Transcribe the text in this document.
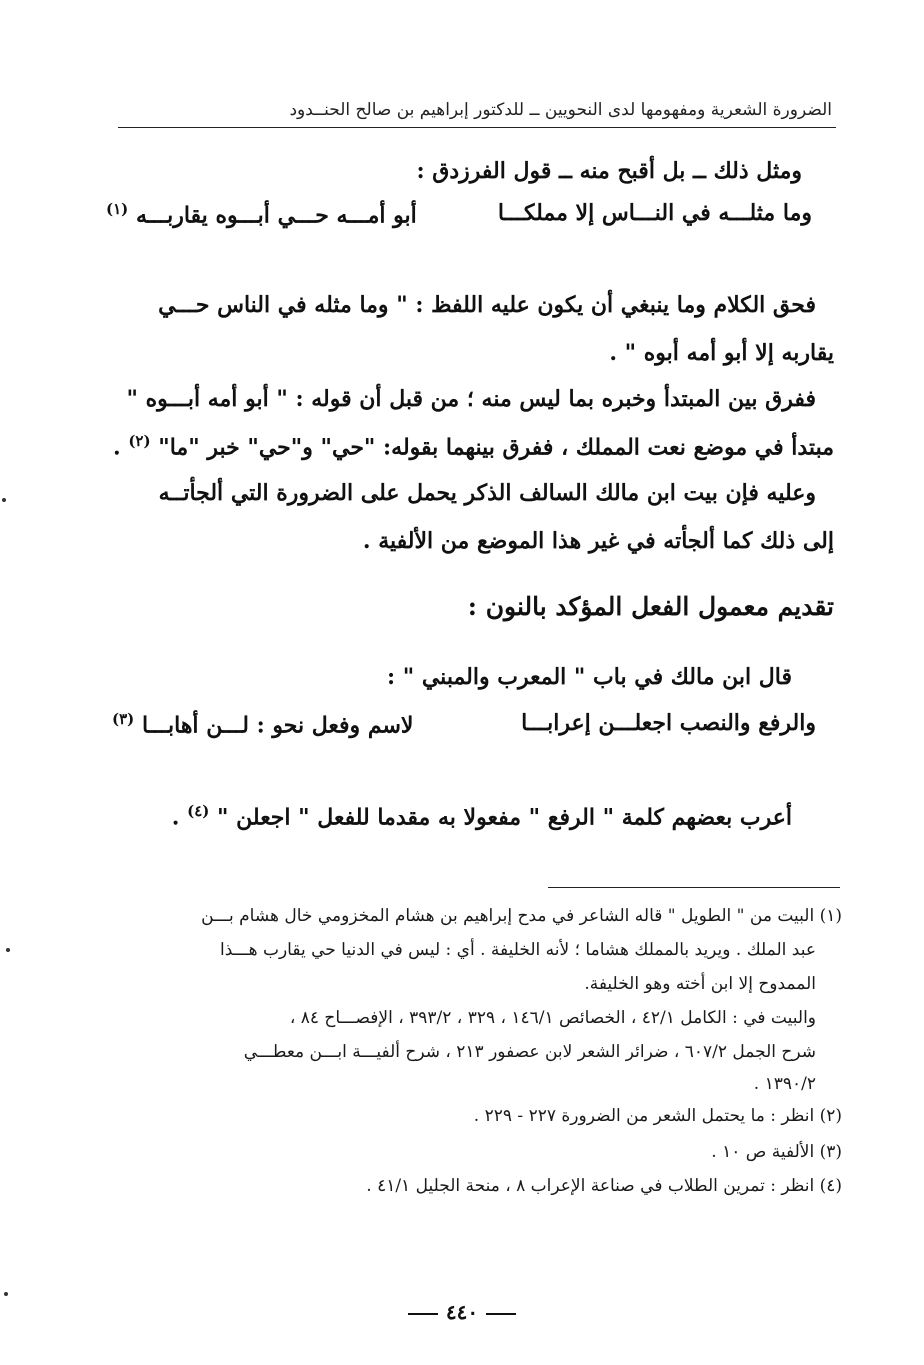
الضرورة الشعرية ومفهومها لدى النحويين ــ للدكتور إبراهيم بن صالح الحنــدود
ومثل ذلك ــ بل أقبح منه ــ قول الفرزدق :
وما مثلـــه في النـــاس إلا مملكـــا
أبو أمـــه حـــي أبـــوه يقاربـــه $^{(١)}$
فحق الكلام وما ينبغي أن يكون عليه اللفظ : " وما مثله في الناس حـــي
يقاربه إلا أبو أمه أبوه " .
ففرق بين المبتدأ وخبره بما ليس منه ؛ من قبل أن قوله : " أبو أمه أبـــوه "
مبتدأ في موضع نعت المملك ، ففرق بينهما بقوله: "حي" و"حي" خبر "ما" $^{(٢)}$ .
وعليه فإن بيت ابن مالك السالف الذكر يحمل على الضرورة التي ألجأتــه
إلى ذلك كما ألجأته في غير هذا الموضع من الألفية .
تقديم معمول الفعل المؤكد بالنون :
قال ابن مالك في باب " المعرب والمبني " :
والرفع والنصب اجعلـــن إعرابـــا
لاسم وفعل نحو : لـــن أهابـــا $^{(٣)}$
أعرب بعضهم كلمة " الرفع " مفعولا به مقدما للفعل " اجعلن " $^{(٤)}$ .
(١) البيت من " الطويل " قاله الشاعر في مدح إبراهيم بن هشام المخزومي خال هشام بـــن
عبد الملك . ويريد بالمملك هشاما ؛ لأنه الخليفة . أي : ليس في الدنيا حي يقارب هـــذا
الممدوح إلا ابن أخته وهو الخليفة.
والبيت في : الكامل ٤٢/١ ، الخصائص ١٤٦/١ ، ٣٢٩ ، ٣٩٣/٢ ، الإفصـــاح ٨٤ ،
شرح الجمل ٦٠٧/٢ ، ضرائر الشعر لابن عصفور ٢١٣ ، شرح ألفيـــة ابـــن معطـــي
١٣٩٠/٢ .
(٢) انظر : ما يحتمل الشعر من الضرورة ٢٢٧ - ٢٢٩ .
(٣) الألفية ص ١٠ .
(٤) انظر : تمرين الطلاب في صناعة الإعراب ٨ ، منحة الجليل ٤١/١ .
٤٤٠
